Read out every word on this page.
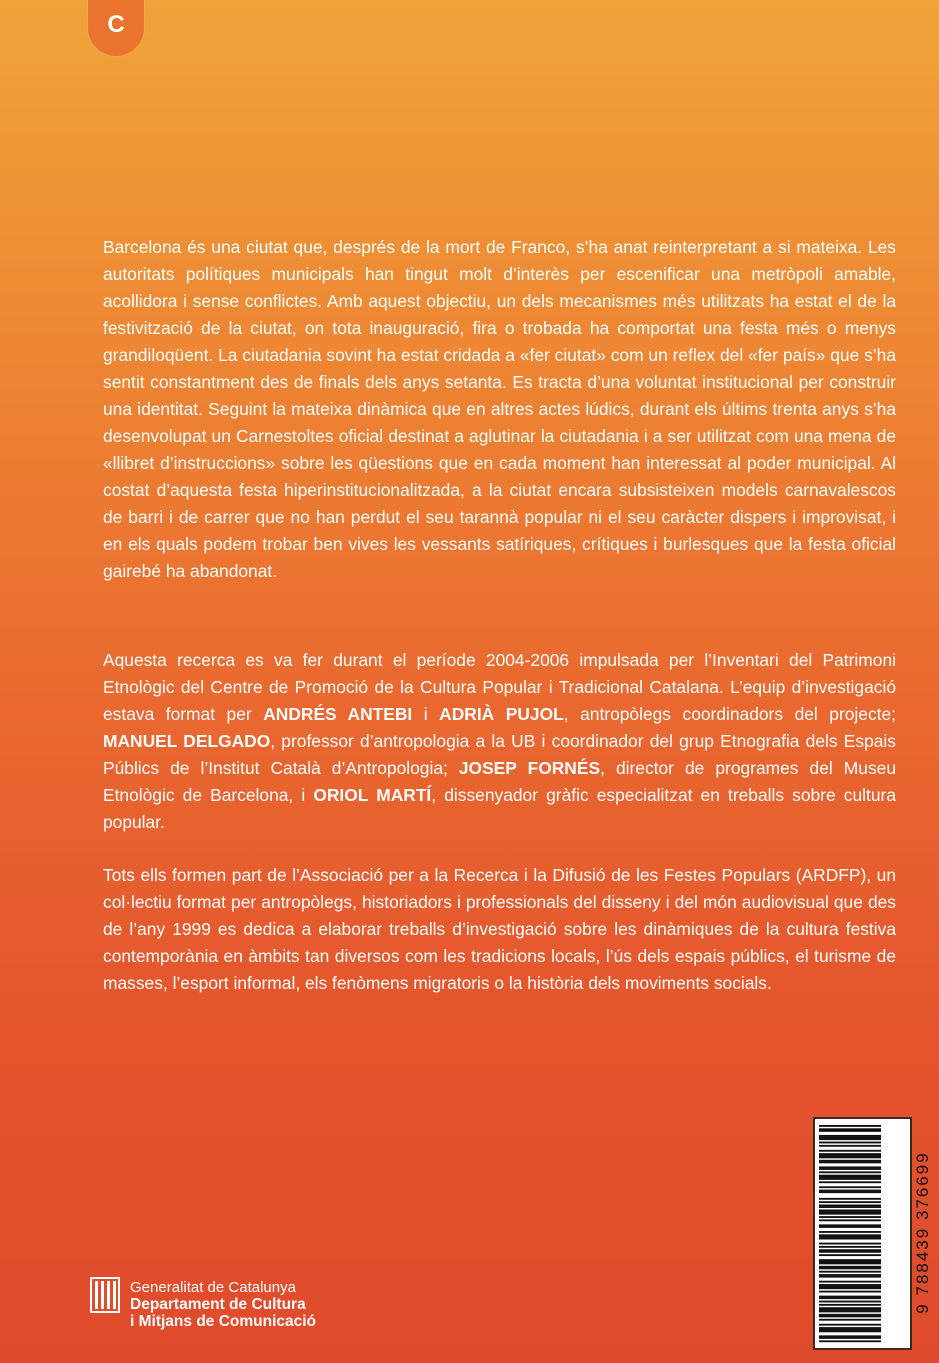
C
Barcelona és una ciutat que, després de la mort de Franco, s’ha anat reinterpretant a si mateixa. Les autoritats polítiques municipals han tingut molt d’interès per escenificar una metròpoli amable, acollidora i sense conflictes. Amb aquest objectiu, un dels mecanismes més utilitzats ha estat el de la festivització de la ciutat, on tota inauguració, fira o trobada ha comportat una festa més o menys grandiloqüent. La ciutadania sovint ha estat cridada a «fer ciutat» com un reflex del «fer país» que s’ha sentit constantment des de finals dels anys setanta. Es tracta d’una voluntat institucional per construir una identitat. Seguint la mateixa dinàmica que en altres actes lúdics, durant els últims trenta anys s’ha desenvolupat un Carnestoltes oficial destinat a aglutinar la ciutadania i a ser utilitzat com una mena de «llibret d’instruccions» sobre les qüestions que en cada moment han interessat al poder municipal. Al costat d’aquesta festa hiperinstitucionalitzada, a la ciutat encara subsisteixen models carnavalescos de barri i de carrer que no han perdut el seu tarannà popular ni el seu caràcter dispers i improvisat, i en els quals podem trobar ben vives les vessants satíriques, crítiques i burlesques que la festa oficial gairebé ha abandonat.
Aquesta recerca es va fer durant el període 2004-2006 impulsada per l’Inventari del Patrimoni Etnològic del Centre de Promoció de la Cultura Popular i Tradicional Catalana. L’equip d’investigació estava format per ANDRÉS ANTEBI i ADRIÀ PUJOL, antropòlegs coordinadors del projecte; MANUEL DELGADO, professor d’antropologia a la UB i coordinador del grup Etnografia dels Espais Públics de l’Institut Català d’Antropologia; JOSEP FORNÉS, director de programes del Museu Etnològic de Barcelona, i ORIOL MARTÍ, dissenyador gràfic especialitzat en treballs sobre cultura popular.
Tots ells formen part de l’Associació per a la Recerca i la Difusió de les Festes Populars (ARDFP), un col·lectiu format per antropòlegs, historiadors i professionals del disseny i del món audiovisual que des de l’any 1999 es dedica a elaborar treballs d’investigació sobre les dinàmiques de la cultura festiva contemporània en àmbits tan diversos com les tradicions locals, l’ús dels espais públics, el turisme de masses, l’esport informal, els fenòmens migratoris o la història dels moviments socials.
Generalitat de Catalunya
Departament de Cultura
i Mitjans de Comunicació
9 788439 376699
